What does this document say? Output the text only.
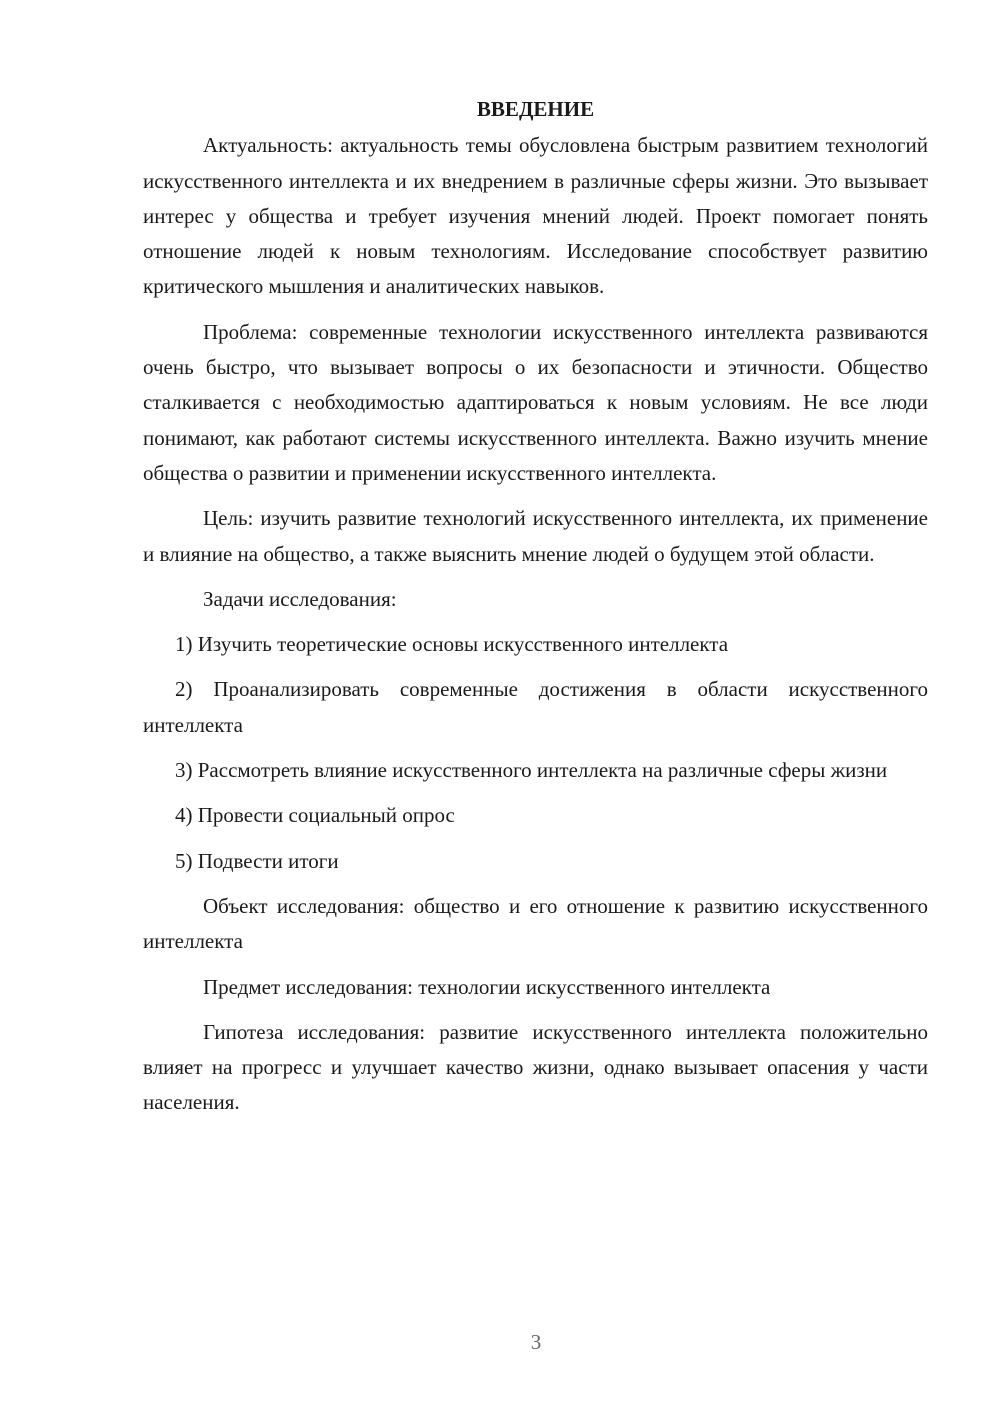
ВВЕДЕНИЕ

Актуальность: актуальность темы обусловлена быстрым развитием технологий искусственного интеллекта и их внедрением в различные сферы жизни. Это вызывает интерес у общества и требует изучения мнений людей. Проект помогает понять отношение людей к новым технологиям. Исследование способствует развитию критического мышления и аналитических навыков.

Проблема: современные технологии искусственного интеллекта развиваются очень быстро, что вызывает вопросы о их безопасности и этичности. Общество сталкивается с необходимостью адаптироваться к новым условиям. Не все люди понимают, как работают системы искусственного интеллекта. Важно изучить мнение общества о развитии и применении искусственного интеллекта.

Цель: изучить развитие технологий искусственного интеллекта, их применение и влияние на общество, а также выяснить мнение людей о будущем этой области.

Задачи исследования:

1) Изучить теоретические основы искусственного интеллекта

2) Проанализировать современные достижения в области искусственного интеллекта

3) Рассмотреть влияние искусственного интеллекта на различные сферы жизни

4) Провести социальный опрос

5) Подвести итоги

Объект исследования: общество и его отношение к развитию искусственного интеллекта

Предмет исследования: технологии искусственного интеллекта

Гипотеза исследования: развитие искусственного интеллекта положительно влияет на прогресс и улучшает качество жизни, однако вызывает опасения у части населения.

3
